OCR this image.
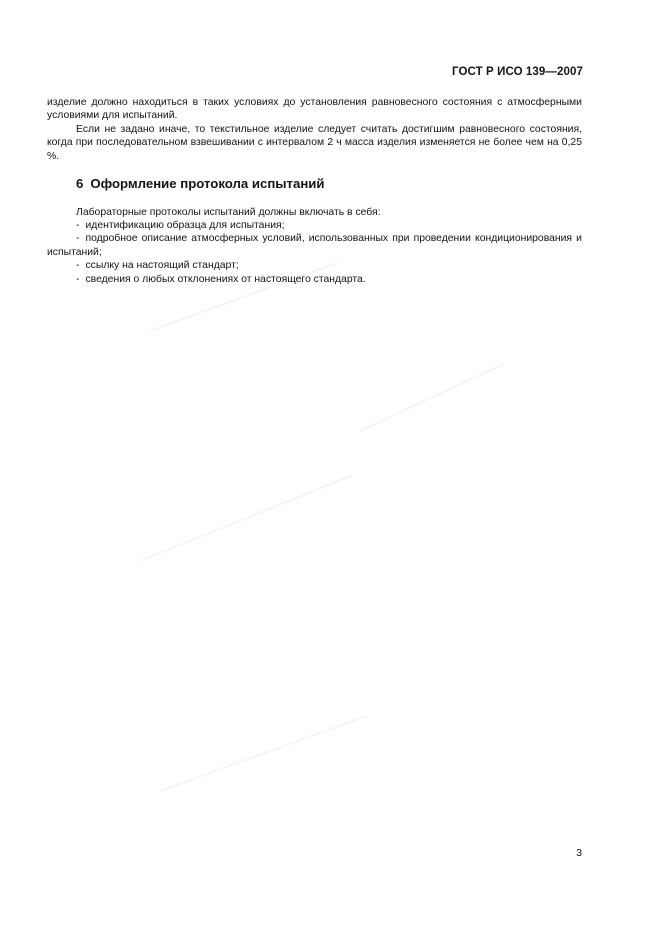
ГОСТ Р ИСО 139—2007
изделие должно находиться в таких условиях до установления равновесного состояния с атмосферными условиями для испытаний.
Если не задано иначе, то текстильное изделие следует считать достигшим равновесного состояния, когда при последовательном взвешивании с интервалом 2 ч масса изделия изменяется не более чем на 0,25 %.
6 Оформление протокола испытаний
Лабораторные протоколы испытаний должны включать в себя:
- идентификацию образца для испытания;
- подробное описание атмосферных условий, использованных при проведении кондиционирования и испытаний;
- ссылку на настоящий стандарт;
- сведения о любых отклонениях от настоящего стандарта.
3
